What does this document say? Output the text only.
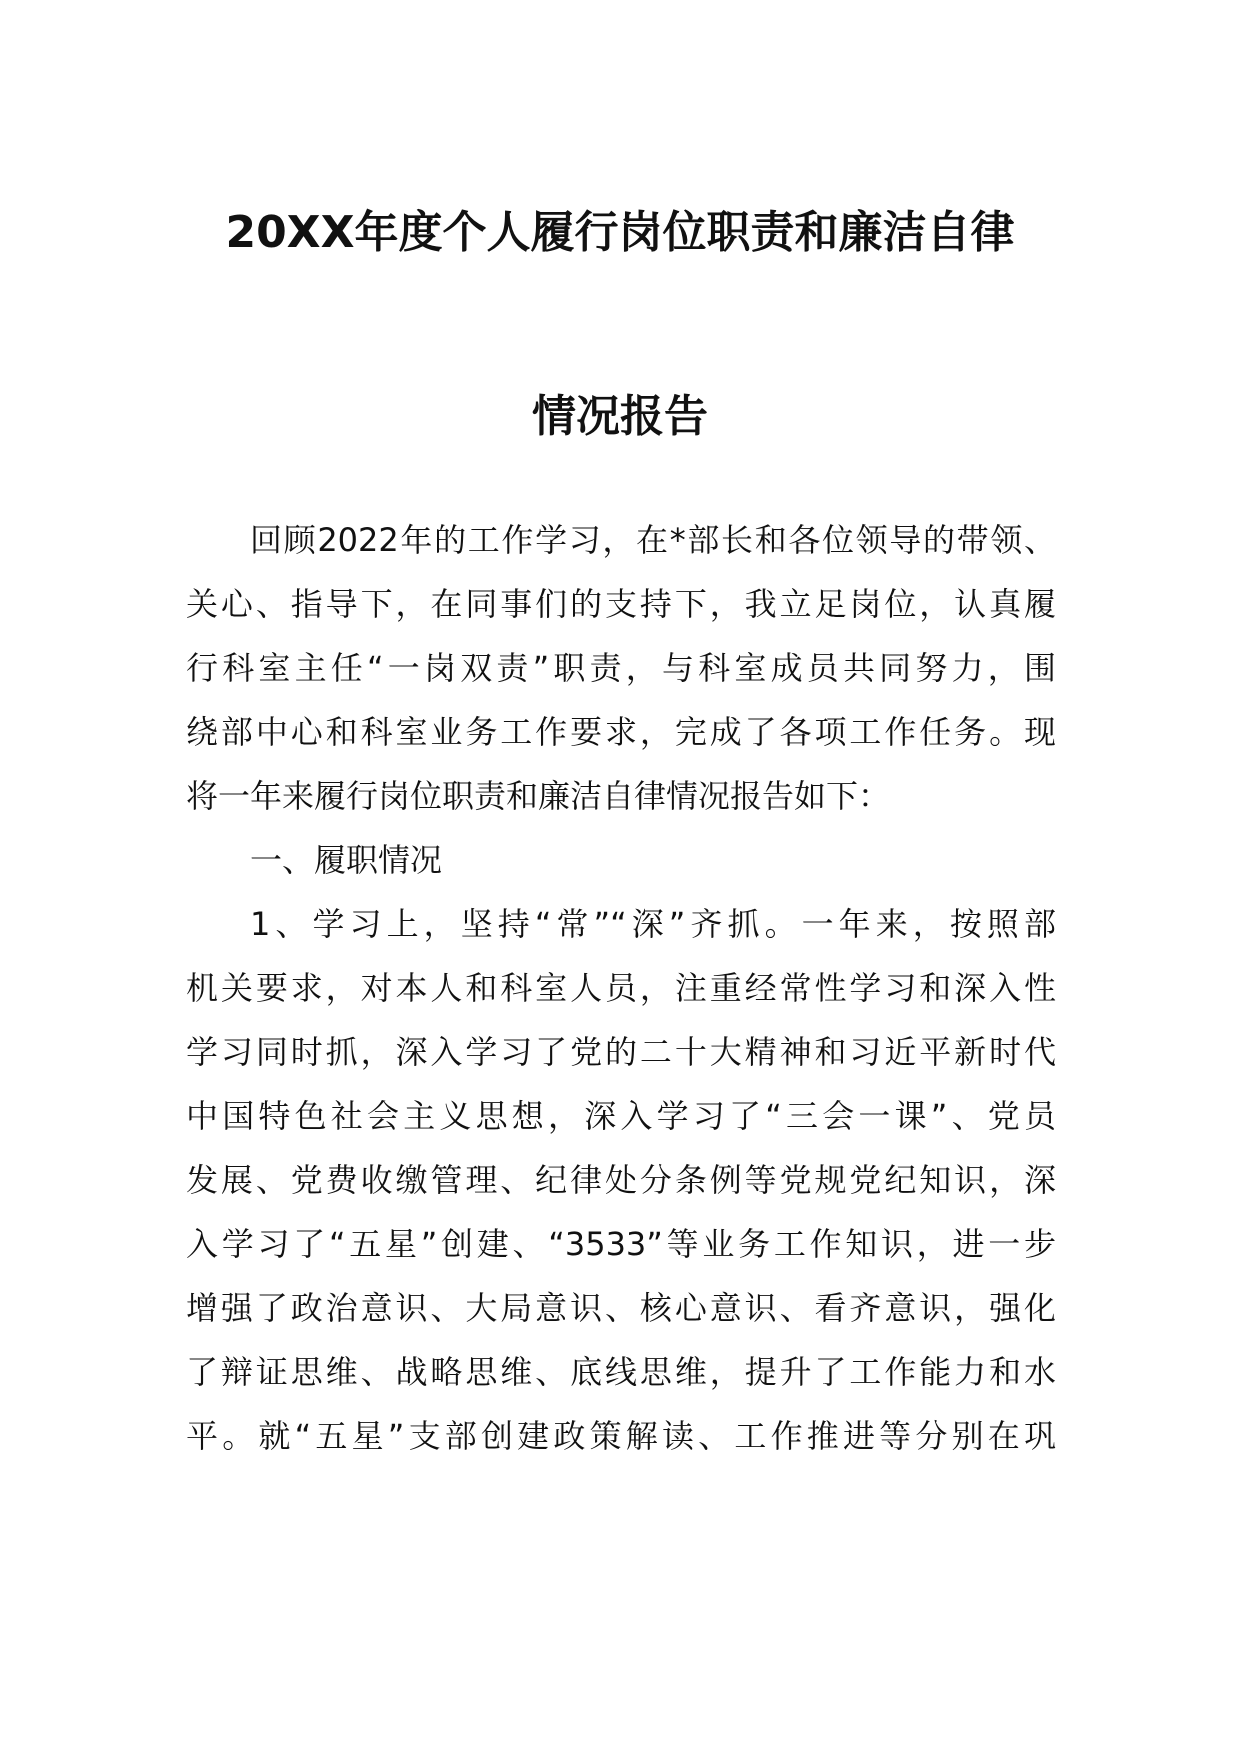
20XX年度个人履行岗位职责和廉洁自律
情况报告
回顾2022年的工作学习，在*部长和各位领导的带领、
关心、指导下，在同事们的支持下，我立足岗位，认真履
行科室主任“一岗双责”职责，与科室成员共同努力，围
绕部中心和科室业务工作要求，完成了各项工作任务。现
将一年来履行岗位职责和廉洁自律情况报告如下：
一、履职情况
1、学习上，坚持“常”“深”齐抓。一年来，按照部
机关要求，对本人和科室人员，注重经常性学习和深入性
学习同时抓，深入学习了党的二十大精神和习近平新时代
中国特色社会主义思想，深入学习了“三会一课”、党员
发展、党费收缴管理、纪律处分条例等党规党纪知识，深
入学习了“五星”创建、“3533”等业务工作知识，进一步
增强了政治意识、大局意识、核心意识、看齐意识，强化
了辩证思维、战略思维、底线思维，提升了工作能力和水
平。就“五星”支部创建政策解读、工作推进等分别在巩
